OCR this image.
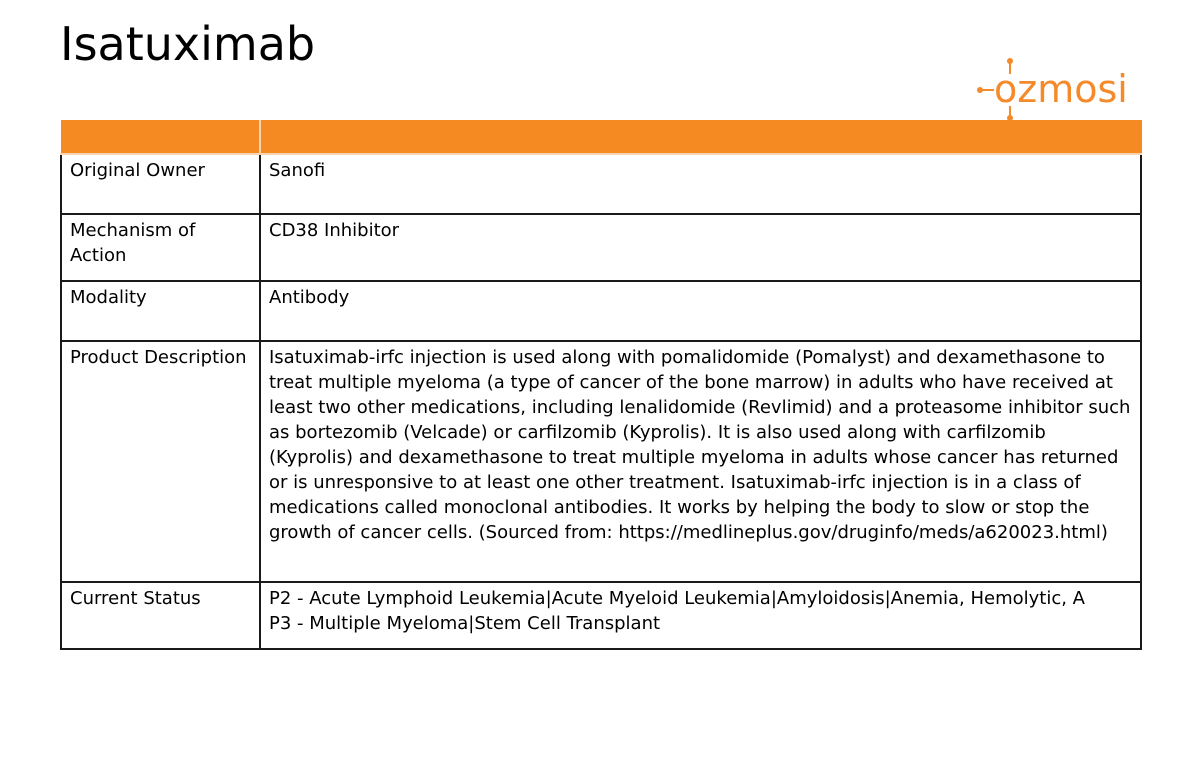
Isatuximab
ozmosi

Original Owner	Sanofi
Mechanism of Action	CD38 Inhibitor
Modality	Antibody
Product Description	Isatuximab-irfc injection is used along with pomalidomide (Pomalyst) and dexamethasone to treat multiple myeloma (a type of cancer of the bone marrow) in adults who have received at least two other medications, including lenalidomide (Revlimid) and a proteasome inhibitor such as bortezomib (Velcade) or carfilzomib (Kyprolis). It is also used along with carfilzomib (Kyprolis) and dexamethasone to treat multiple myeloma in adults whose cancer has returned or is unresponsive to at least one other treatment. Isatuximab-irfc injection is in a class of medications called monoclonal antibodies. It works by helping the body to slow or stop the growth of cancer cells. (Sourced from: https://medlineplus.gov/druginfo/meds/a620023.html)
Current Status	P2 - Acute Lymphoid Leukemia|Acute Myeloid Leukemia|Amyloidosis|Anemia, Hemolytic, A
P3 - Multiple Myeloma|Stem Cell Transplant
